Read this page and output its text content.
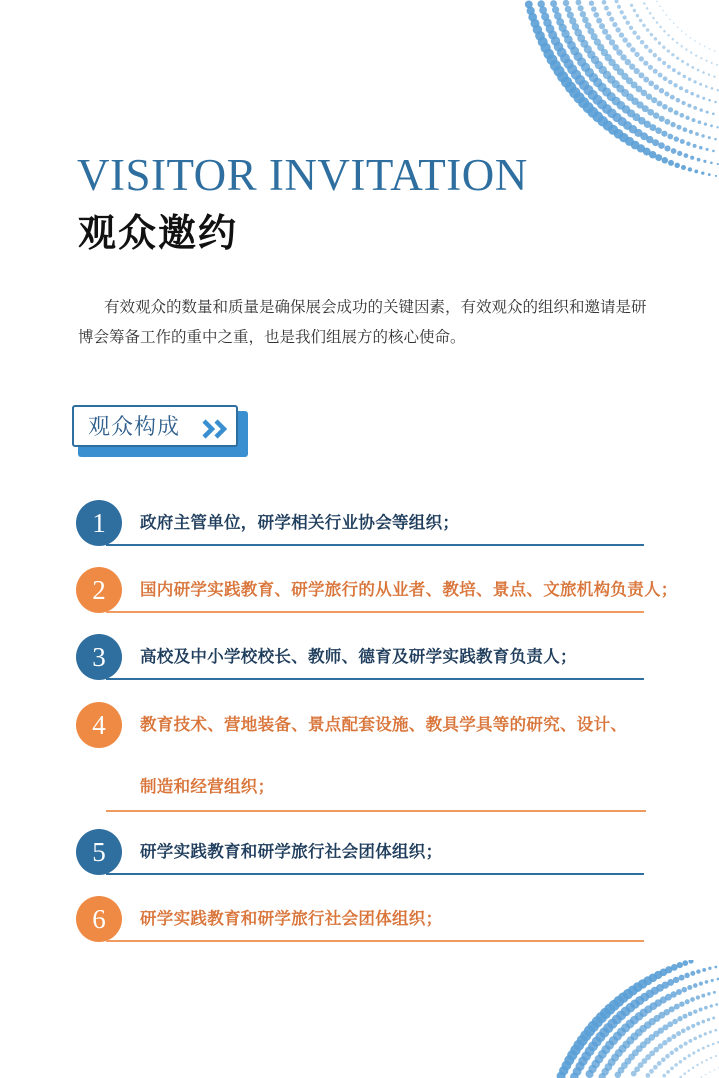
VISITOR INVITATION
观众邀约

有效观众的数量和质量是确保展会成功的关键因素，有效观众的组织和邀请是研博会筹备工作的重中之重，也是我们组展方的核心使命。

观众构成
1	政府主管单位，研学相关行业协会等组织；
2	国内研学实践教育、研学旅行的从业者、教培、景点、文旅机构负责人；
3	高校及中小学校校长、教师、德育及研学实践教育负责人；
4	教育技术、营地装备、景点配套设施、教具学具等的研究、设计、
制造和经营组织；
5	研学实践教育和研学旅行社会团体组织；
6	研学实践教育和研学旅行社会团体组织；
